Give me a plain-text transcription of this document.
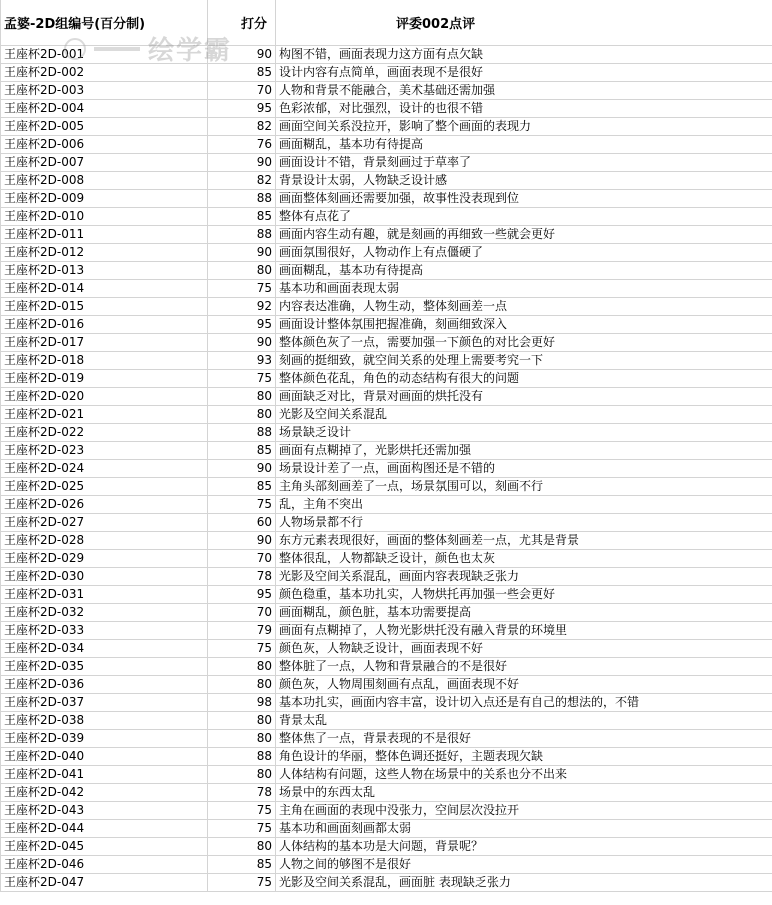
孟婆-2D组编号(百分制)	打分	评委002点评
王座杯2D-001	90	构图不错，画面表现力这方面有点欠缺
王座杯2D-002	85	设计内容有点简单，画面表现不是很好
王座杯2D-003	70	人物和背景不能融合，美术基础还需加强
王座杯2D-004	95	色彩浓郁，对比强烈，设计的也很不错
王座杯2D-005	82	画面空间关系没拉开，影响了整个画面的表现力
王座杯2D-006	76	画面糊乱，基本功有待提高
王座杯2D-007	90	画面设计不错，背景刻画过于草率了
王座杯2D-008	82	背景设计太弱，人物缺乏设计感
王座杯2D-009	88	画面整体刻画还需要加强，故事性没表现到位
王座杯2D-010	85	整体有点花了
王座杯2D-011	88	画面内容生动有趣，就是刻画的再细致一些就会更好
王座杯2D-012	90	画面氛围很好，人物动作上有点僵硬了
王座杯2D-013	80	画面糊乱，基本功有待提高
王座杯2D-014	75	基本功和画面表现太弱
王座杯2D-015	92	内容表达准确，人物生动，整体刻画差一点
王座杯2D-016	95	画面设计整体氛围把握准确，刻画细致深入
王座杯2D-017	90	整体颜色灰了一点，需要加强一下颜色的对比会更好
王座杯2D-018	93	刻画的挺细致，就空间关系的处理上需要考究一下
王座杯2D-019	75	整体颜色花乱，角色的动态结构有很大的问题
王座杯2D-020	80	画面缺乏对比，背景对画面的烘托没有
王座杯2D-021	80	光影及空间关系混乱
王座杯2D-022	88	场景缺乏设计
王座杯2D-023	85	画面有点糊掉了，光影烘托还需加强
王座杯2D-024	90	场景设计差了一点，画面构图还是不错的
王座杯2D-025	85	主角头部刻画差了一点，场景氛围可以，刻画不行
王座杯2D-026	75	乱，主角不突出
王座杯2D-027	60	人物场景都不行
王座杯2D-028	90	东方元素表现很好，画面的整体刻画差一点，尤其是背景
王座杯2D-029	70	整体很乱，人物都缺乏设计，颜色也太灰
王座杯2D-030	78	光影及空间关系混乱，画面内容表现缺乏张力
王座杯2D-031	95	颜色稳重，基本功扎实，人物烘托再加强一些会更好
王座杯2D-032	70	画面糊乱，颜色脏，基本功需要提高
王座杯2D-033	79	画面有点糊掉了，人物光影烘托没有融入背景的环境里
王座杯2D-034	75	颜色灰，人物缺乏设计，画面表现不好
王座杯2D-035	80	整体脏了一点，人物和背景融合的不是很好
王座杯2D-036	80	颜色灰，人物周围刻画有点乱，画面表现不好
王座杯2D-037	98	基本功扎实，画面内容丰富，设计切入点还是有自己的想法的，不错
王座杯2D-038	80	背景太乱
王座杯2D-039	80	整体焦了一点，背景表现的不是很好
王座杯2D-040	88	角色设计的华丽，整体色调还挺好，主题表现欠缺
王座杯2D-041	80	人体结构有问题，这些人物在场景中的关系也分不出来
王座杯2D-042	78	场景中的东西太乱
王座杯2D-043	75	主角在画面的表现中没张力，空间层次没拉开
王座杯2D-044	75	基本功和画面刻画都太弱
王座杯2D-045	80	人体结构的基本功是大问题，背景呢？
王座杯2D-046	85	人物之间的够图不是很好
王座杯2D-047	75	光影及空间关系混乱，画面脏 表现缺乏张力
绘学霸
